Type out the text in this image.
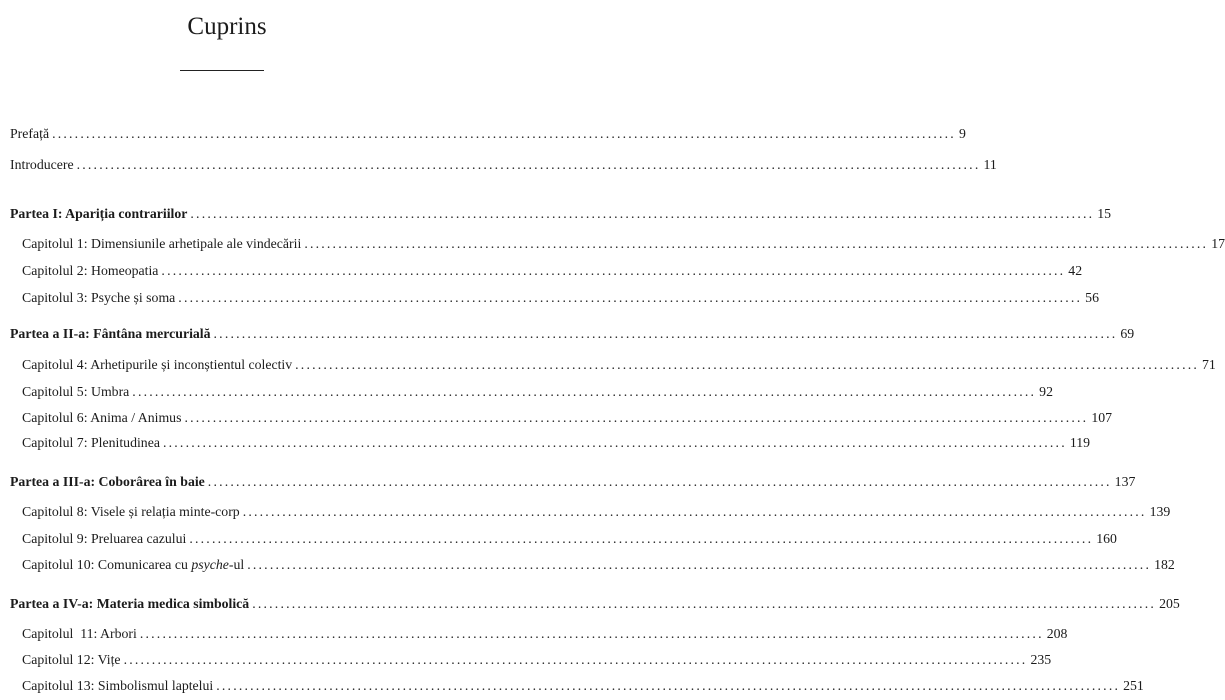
Cuprins
Prefață ................................................................................................................................................................ 9
Introducere ................................................................................................................................................................ 11
Partea I: Apariția contrariilor ................................................................................................................................................................ 15
Capitolul 1: Dimensiunile arhetipale ale vindecării ................................................................................................................................................................ 17
Capitolul 2: Homeopatia ................................................................................................................................................................ 42
Capitolul 3: Psyche și soma ................................................................................................................................................................ 56
Partea a II-a: Fântâna mercurială ................................................................................................................................................................ 69
Capitolul 4: Arhetipurile și inconștientul colectiv ................................................................................................................................................................ 71
Capitolul 5: Umbra ................................................................................................................................................................ 92
Capitolul 6: Anima / Animus ................................................................................................................................................................ 107
Capitolul 7: Plenitudinea ................................................................................................................................................................ 119
Partea a III-a: Coborârea în baie ................................................................................................................................................................ 137
Capitolul 8: Visele și relația minte-corp ................................................................................................................................................................ 139
Capitolul 9: Preluarea cazului ................................................................................................................................................................ 160
Capitolul 10: Comunicarea cu psyche-ul ................................................................................................................................................................ 182
Partea a IV-a: Materia medica simbolică ................................................................................................................................................................ 205
Capitolul  11: Arbori ................................................................................................................................................................ 208
Capitolul 12: Vițe ................................................................................................................................................................ 235
Capitolul 13: Simbolismul laptelui ................................................................................................................................................................ 251
